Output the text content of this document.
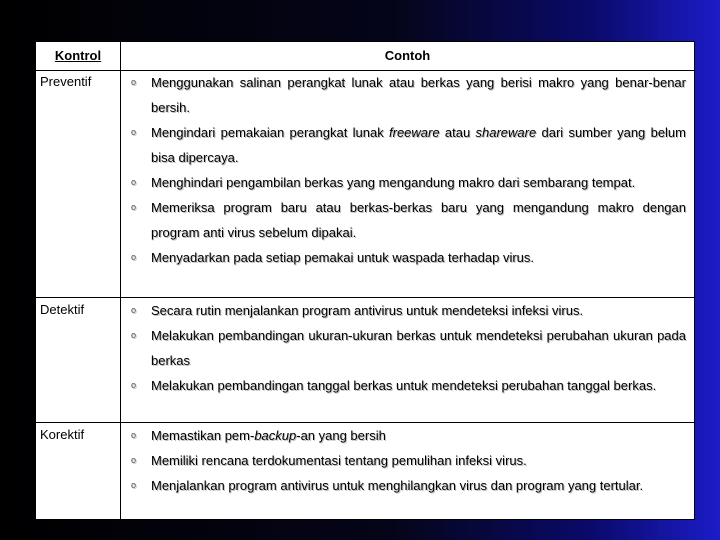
Kontrol	Contoh
Preventif	o Menggunakan salinan perangkat lunak atau berkas yang berisi makro yang benar-benar bersih.
o Mengindari pemakaian perangkat lunak freeware atau shareware dari sumber yang belum bisa dipercaya.
o Menghindari pengambilan berkas yang mengandung makro dari sembarang tempat.
o Memeriksa program baru atau berkas-berkas baru yang mengandung makro dengan program anti virus sebelum dipakai.
o Menyadarkan pada setiap pemakai untuk waspada terhadap virus.
Detektif	o Secara rutin menjalankan program antivirus untuk mendeteksi infeksi virus.
o Melakukan pembandingan ukuran-ukuran berkas untuk mendeteksi perubahan ukuran pada berkas
o Melakukan pembandingan tanggal berkas untuk mendeteksi perubahan tanggal berkas.
Korektif	o Memastikan pem-backup-an yang bersih
o Memiliki rencana terdokumentasi tentang pemulihan infeksi virus.
o Menjalankan program antivirus untuk menghilangkan virus dan program yang tertular.
